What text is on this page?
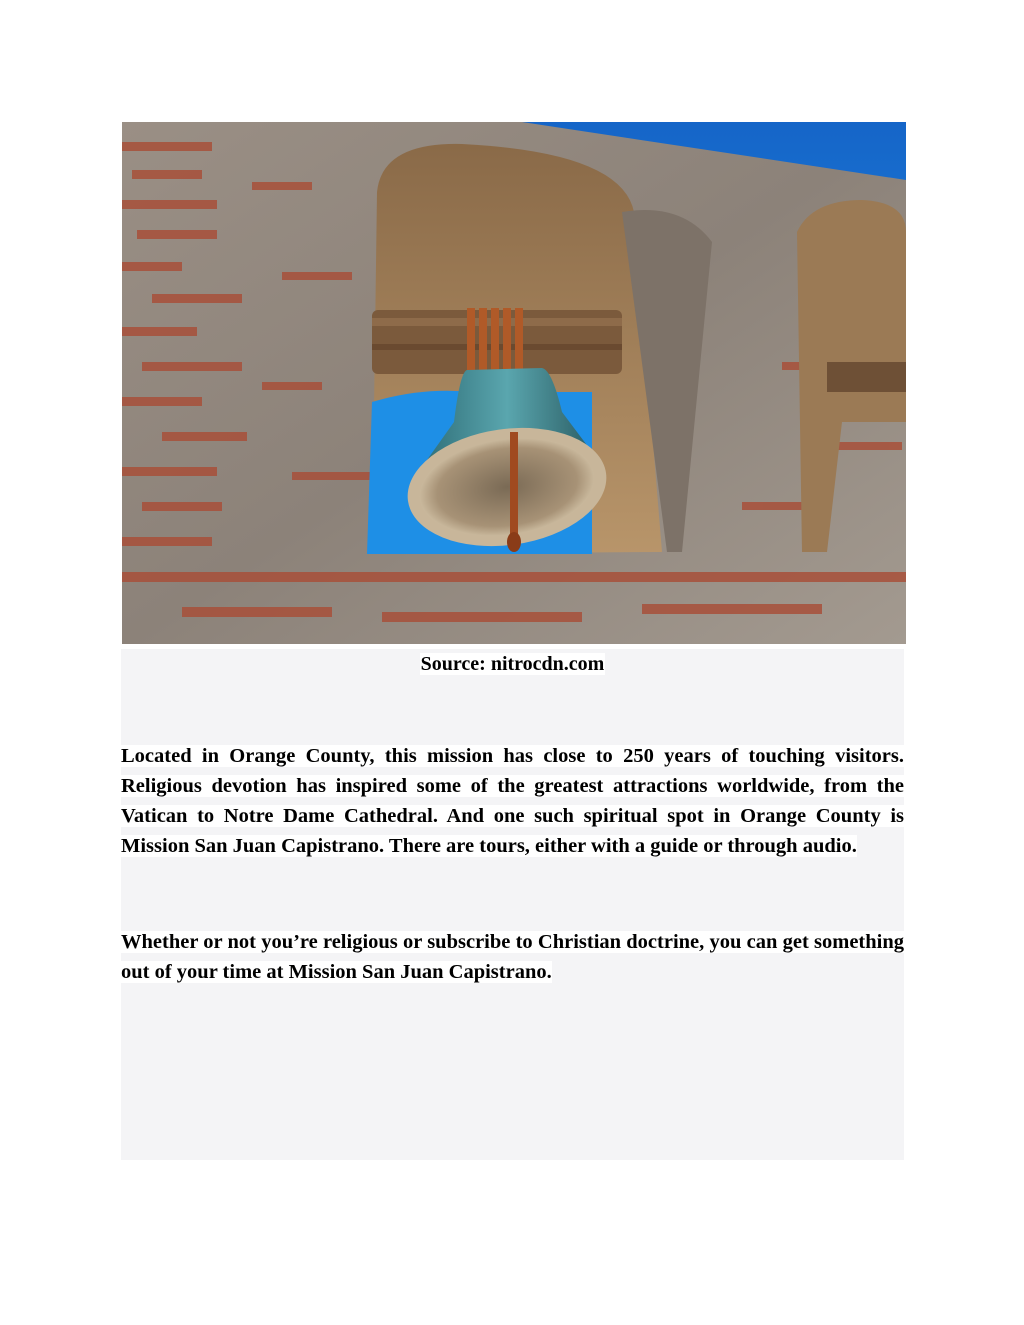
Source: nitrocdn.com
Located in Orange County, this mission has close to 250 years of touching visitors. Religious devotion has inspired some of the greatest attractions worldwide, from the Vatican to Notre Dame Cathedral. And one such spiritual spot in Orange County is Mission San Juan Capistrano. There are tours, either with a guide or through audio.
Whether or not you’re religious or subscribe to Christian doctrine, you can get something out of your time at Mission San Juan Capistrano.
